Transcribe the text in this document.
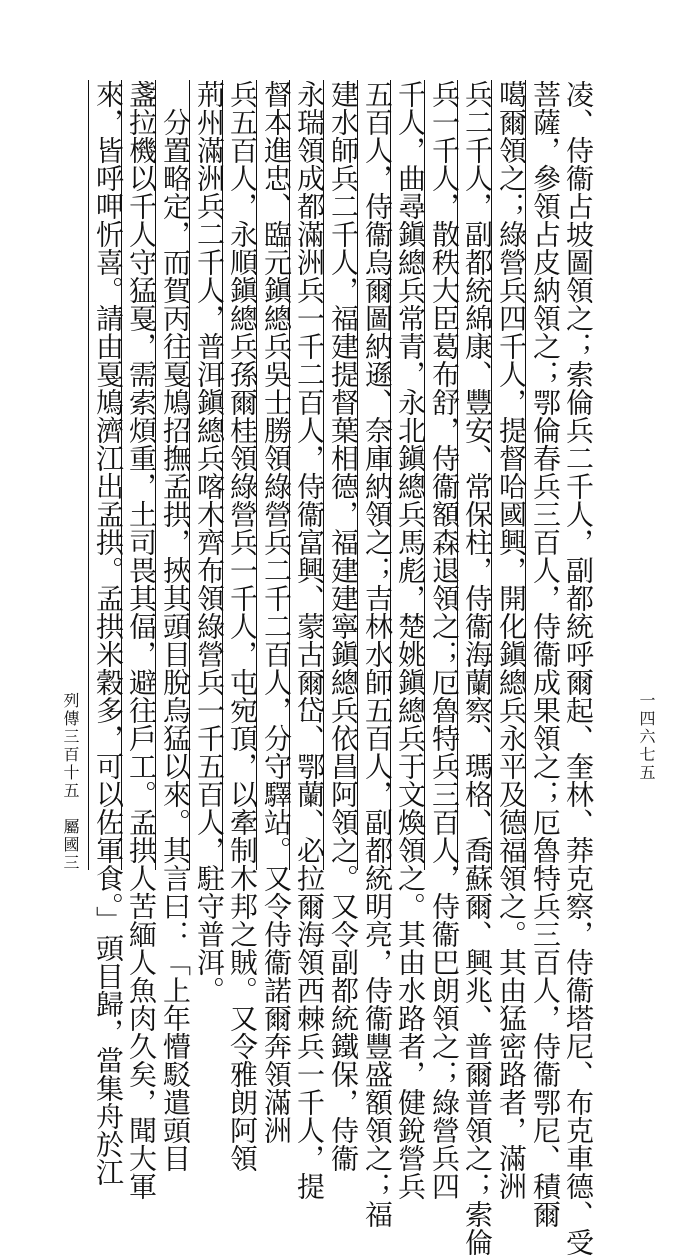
一四六七五
凌、侍衞占坡圖領之；索倫兵二千人，副都統呼爾起、奎林、莽克察，侍衞塔尼、布克車德、受
菩薩，參領占皮納領之；鄂倫春兵三百人，侍衞成果領之；厄魯特兵三百人，侍衞鄂尼、積爾
噶爾領之；綠營兵四千人，提督哈國興，開化鎭總兵永平及德福領之。其由猛密路者，滿洲
兵二千人，副都統綿康、豐安、常保柱，侍衞海蘭察、瑪格、喬蘇爾、興兆、普爾普領之；索倫
兵一千人，散秩大臣葛布舒，侍衞額森退領之；厄魯特兵三百人，侍衞巴朗領之；綠營兵四
千人，曲尋鎭總兵常青，永北鎭總兵馬彪，楚姚鎭總兵于文煥領之。其由水路者，健銳營兵
五百人，侍衞烏爾圖納遜、奈庫納領之；吉林水師五百人，副都統明亮，侍衞豐盛額領之；福
建水師兵二千人，福建提督葉相德，福建建寧鎭總兵依昌阿領之。又令副都統鐵保，侍衞
永瑞領成都滿洲兵一千二百人，侍衞富興、蒙古爾岱、鄂蘭、必拉爾海領西棘兵一千人，提
督本進忠、臨元鎭總兵吳士勝領綠營兵二千二百人，分守驛站。又令侍衞諾爾奔領滿洲
兵五百人，永順鎭總兵孫爾桂領綠營兵一千人，屯宛頂，以牽制木邦之賊。又令雅朗阿領
荊州滿洲兵二千人，普洱鎭總兵喀木齊布領綠營兵一千五百人，駐守普洱。
　分置略定，而賀丙往戛鳩招撫孟拱，挾其頭目脫烏猛以來。其言曰：「上年懵駁遣頭目
盞拉機以千人守猛戛，需索煩重，土司畏其偪，避往戶工。孟拱人苦緬人魚肉久矣，聞大軍
來，皆呼呷忻喜。請由戛鳩濟江出孟拱。孟拱米穀多，可以佐軍食。」頭目歸，當集舟於江
列傳三百十五　屬國三
